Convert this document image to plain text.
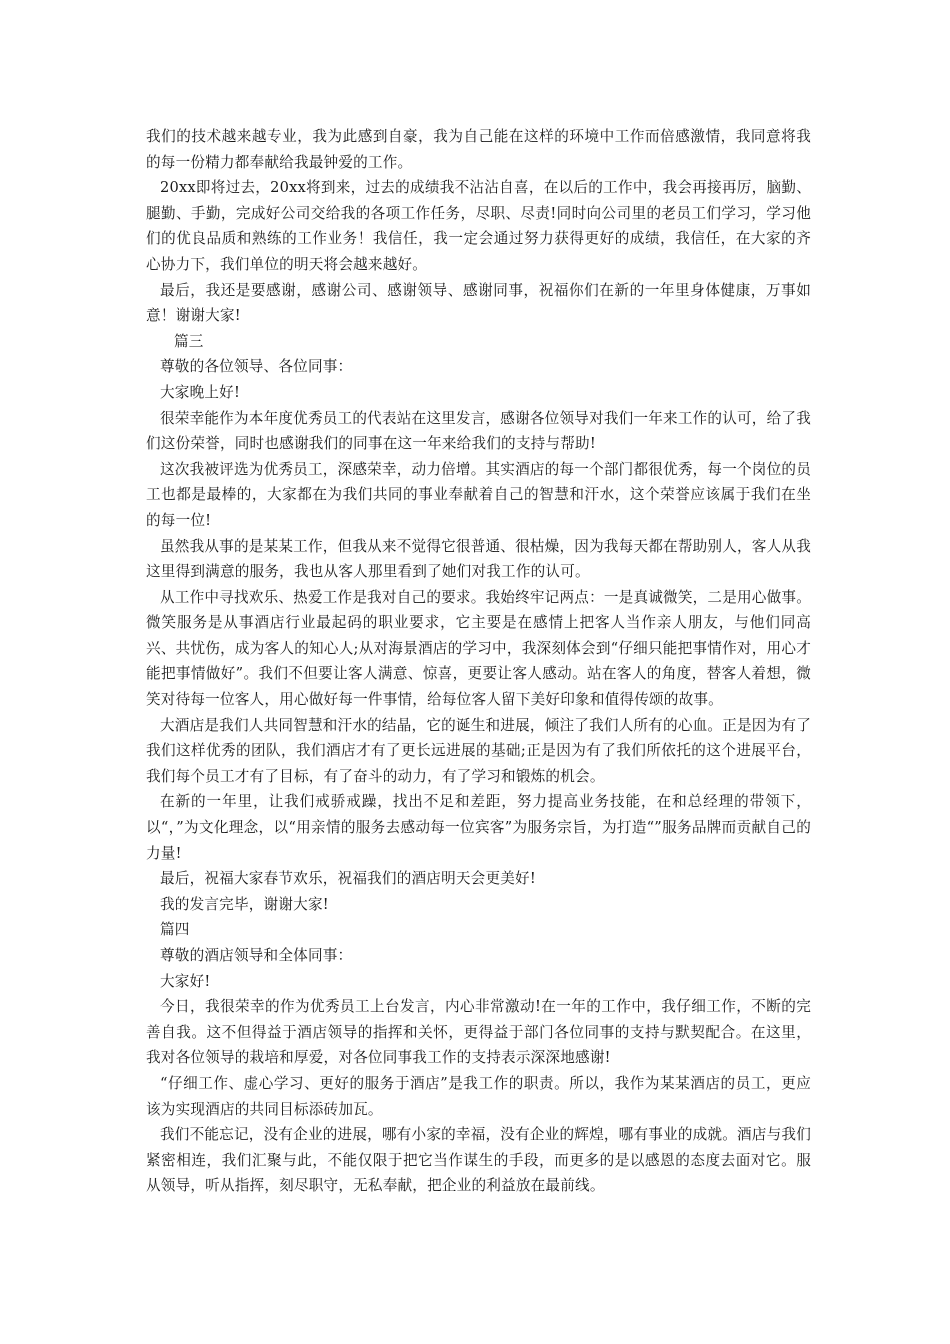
我们的技术越来越专业，我为此感到自豪，我为自己能在这样的环境中工作而倍感激情，我同意将我的每一份精力都奉献给我最钟爱的工作。

20xx即将过去，20xx将到来，过去的成绩我不沾沾自喜，在以后的工作中，我会再接再厉，脑勤、腿勤、手勤，完成好公司交给我的各项工作任务，尽职、尽责!同时向公司里的老员工们学习，学习他们的优良品质和熟练的工作业务！我信任，我一定会通过努力获得更好的成绩，我信任，在大家的齐心协力下，我们单位的明天将会越来越好。

最后，我还是要感谢，感谢公司、感谢领导、感谢同事，祝福你们在新的一年里身体健康，万事如意！谢谢大家!

篇三

尊敬的各位领导、各位同事：

大家晚上好!

很荣幸能作为本年度优秀员工的代表站在这里发言，感谢各位领导对我们一年来工作的认可，给了我们这份荣誉，同时也感谢我们的同事在这一年来给我们的支持与帮助!

这次我被评选为优秀员工，深感荣幸，动力倍增。其实酒店的每一个部门都很优秀，每一个岗位的员工也都是最棒的，大家都在为我们共同的事业奉献着自己的智慧和汗水，这个荣誉应该属于我们在坐的每一位!

虽然我从事的是某某工作，但我从来不觉得它很普通、很枯燥，因为我每天都在帮助别人，客人从我这里得到满意的服务，我也从客人那里看到了她们对我工作的认可。

从工作中寻找欢乐、热爱工作是我对自己的要求。我始终牢记两点：一是真诚微笑，二是用心做事。微笑服务是从事酒店行业最起码的职业要求，它主要是在感情上把客人当作亲人朋友，与他们同高兴、共忧伤，成为客人的知心人;从对海景酒店的学习中，我深刻体会到“仔细只能把事情作对，用心才能把事情做好”。我们不但要让客人满意、惊喜，更要让客人感动。站在客人的角度，替客人着想，微笑对待每一位客人，用心做好每一件事情，给每位客人留下美好印象和值得传颂的故事。

大酒店是我们人共同智慧和汗水的结晶，它的诞生和进展，倾注了我们人所有的心血。正是因为有了我们这样优秀的团队，我们酒店才有了更长远进展的基础;正是因为有了我们所依托的这个进展平台，我们每个员工才有了目标，有了奋斗的动力，有了学习和锻炼的机会。

在新的一年里，让我们戒骄戒躁，找出不足和差距，努力提高业务技能，在和总经理的带领下，以“，”为文化理念，以“用亲情的服务去感动每一位宾客”为服务宗旨，为打造“”服务品牌而贡献自己的力量!

最后，祝福大家春节欢乐，祝福我们的酒店明天会更美好!

我的发言完毕，谢谢大家!

篇四

尊敬的酒店领导和全体同事：

大家好!

今日，我很荣幸的作为优秀员工上台发言，内心非常激动!在一年的工作中，我仔细工作，不断的完善自我。这不但得益于酒店领导的指挥和关怀，更得益于部门各位同事的支持与默契配合。在这里，我对各位领导的栽培和厚爱，对各位同事我工作的支持表示深深地感谢!

“仔细工作、虚心学习、更好的服务于酒店”是我工作的职责。所以，我作为某某酒店的员工，更应该为实现酒店的共同目标添砖加瓦。

我们不能忘记，没有企业的进展，哪有小家的幸福，没有企业的辉煌，哪有事业的成就。酒店与我们紧密相连，我们汇聚与此，不能仅限于把它当作谋生的手段，而更多的是以感恩的态度去面对它。服从领导，听从指挥，刻尽职守，无私奉献，把企业的利益放在最前线。
